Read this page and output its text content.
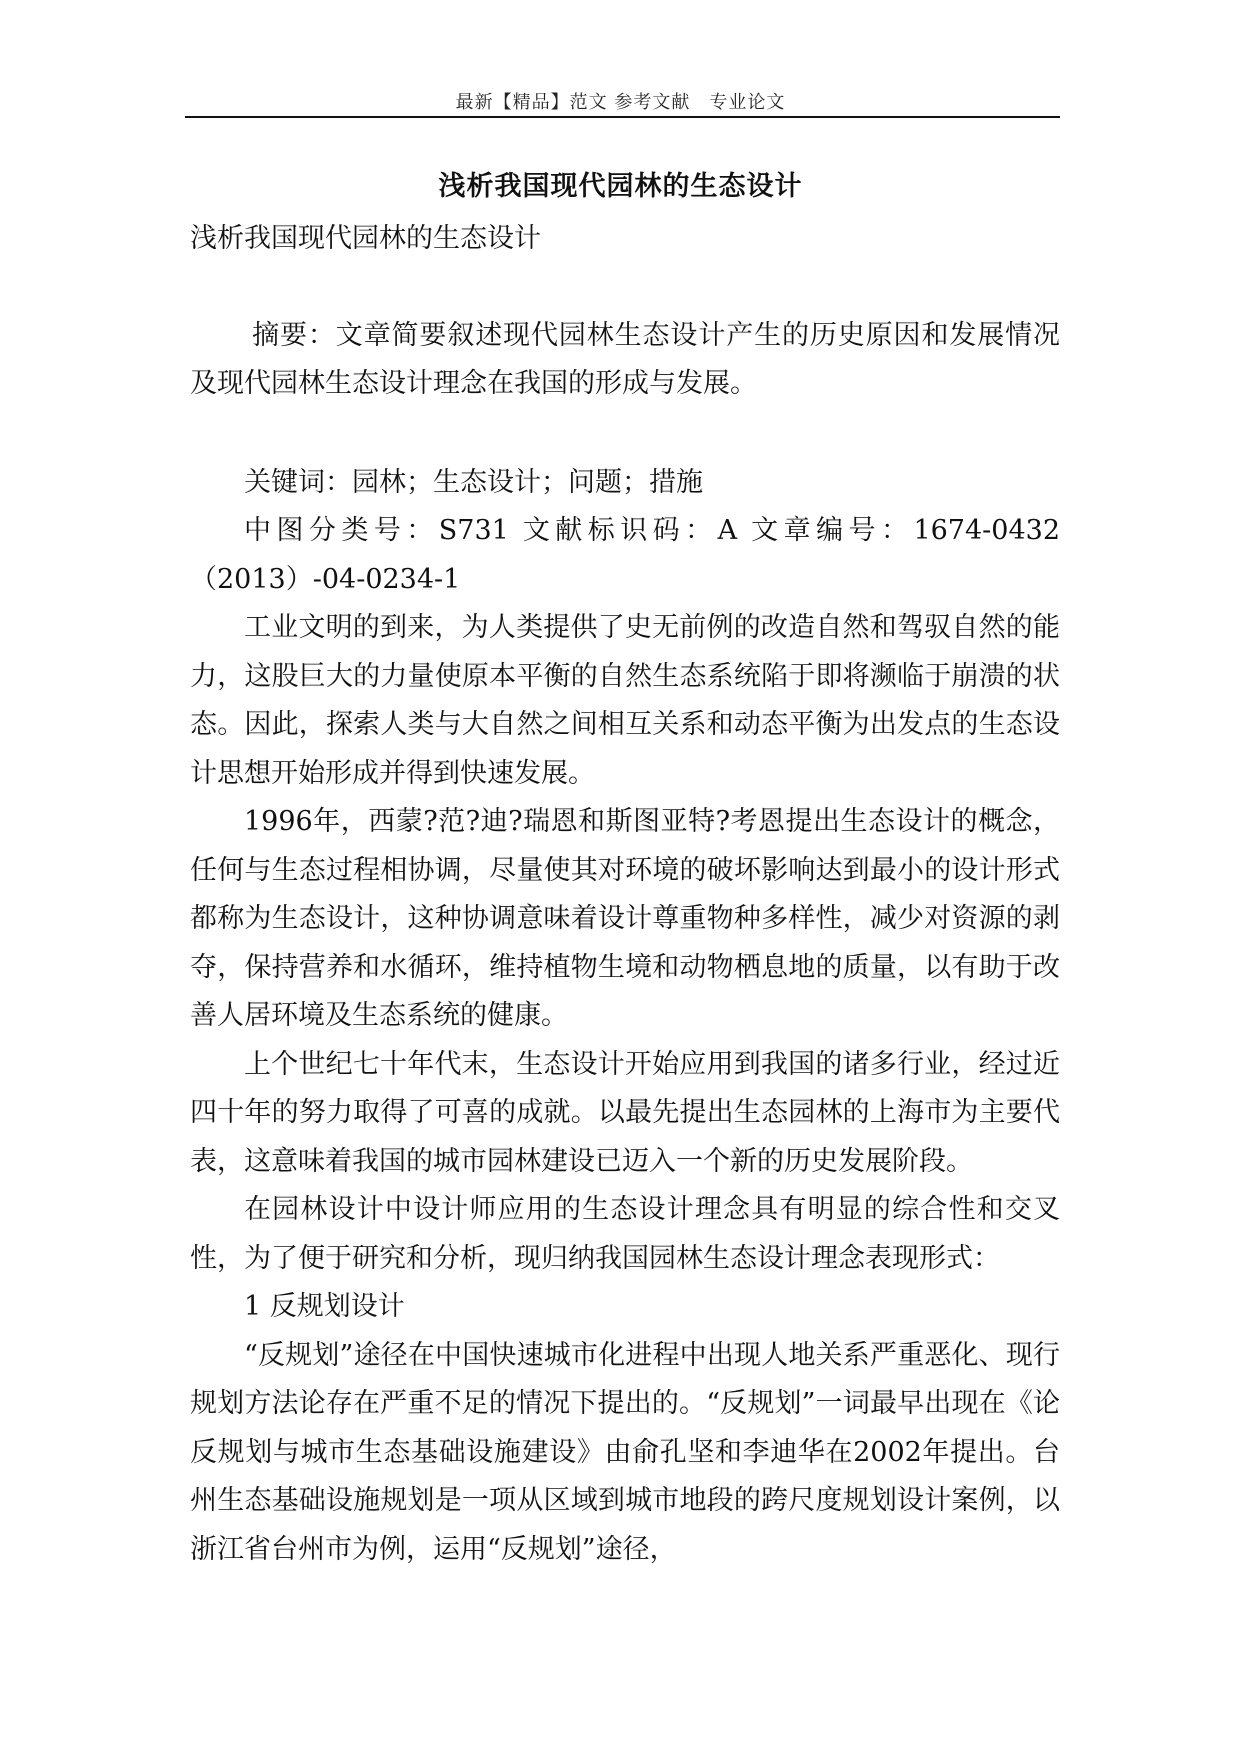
最新【精品】范文 参考文献　专业论文
浅析我国现代园林的生态设计

浅析我国现代园林的生态设计

摘要：文章简要叙述现代园林生态设计产生的历史原因和发展情况及现代园林生态设计理念在我国的形成与发展。

关键词：园林；生态设计；问题；措施

中图分类号：S731 文献标识码：A 文章编号：1674-0432（2013）-04-0234-1

工业文明的到来，为人类提供了史无前例的改造自然和驾驭自然的能力，这股巨大的力量使原本平衡的自然生态系统陷于即将濒临于崩溃的状态。因此，探索人类与大自然之间相互关系和动态平衡为出发点的生态设计思想开始形成并得到快速发展。

1996年，西蒙?范?迪?瑞恩和斯图亚特?考恩提出生态设计的概念，任何与生态过程相协调，尽量使其对环境的破坏影响达到最小的设计形式都称为生态设计，这种协调意味着设计尊重物种多样性，减少对资源的剥夺，保持营养和水循环，维持植物生境和动物栖息地的质量，以有助于改善人居环境及生态系统的健康。

上个世纪七十年代末，生态设计开始应用到我国的诸多行业，经过近四十年的努力取得了可喜的成就。以最先提出生态园林的上海市为主要代表，这意味着我国的城市园林建设已迈入一个新的历史发展阶段。

在园林设计中设计师应用的生态设计理念具有明显的综合性和交叉性，为了便于研究和分析，现归纳我国园林生态设计理念表现形式：

1 反规划设计

“反规划”途径在中国快速城市化进程中出现人地关系严重恶化、现行规划方法论存在严重不足的情况下提出的。“反规划”一词最早出现在《论反规划与城市生态基础设施建设》由俞孔坚和李迪华在2002年提出。台州生态基础设施规划是一项从区域到城市地段的跨尺度规划设计案例，以浙江省台州市为例，运用“反规划”途径，
